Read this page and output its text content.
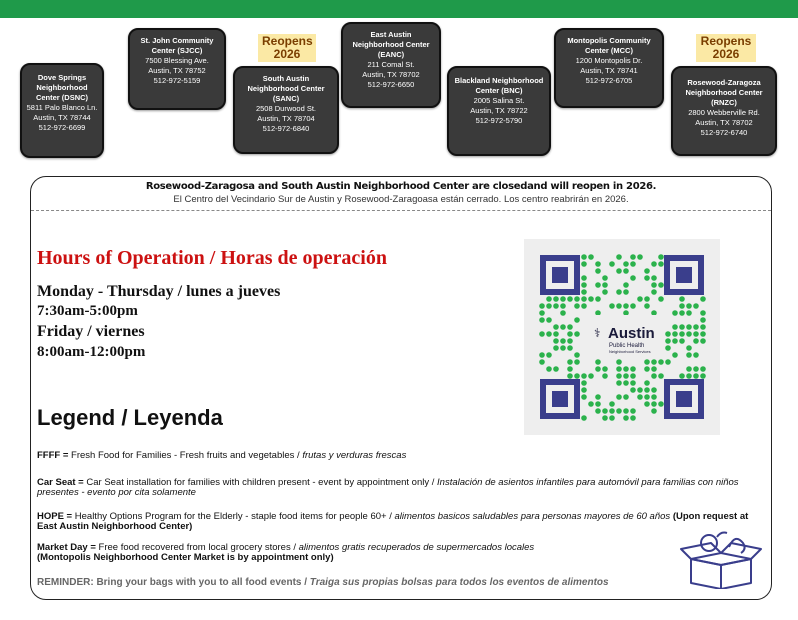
Dove Springs Neighborhood Center (DSNC)
5811 Palo Blanco Ln.
Austin, TX 78744
512-972-6699
St. John Community Center (SJCC)
7500 Blessing Ave.
Austin, TX 78752
512-972-5159
Reopens
2026
South Austin Neighborhood Center (SANC)
2508 Durwood St.
Austin, TX 78704
512-972-6840
East Austin Neighborhood Center (EANC)
211 Comal St.
Austin, TX 78702
512-972-6650	Blackland Neighborhood Center (BNC)
2005 Salina St.
Austin, TX 78722
512-972-5790
Montopolis Community Center (MCC)
1200 Montopolis Dr.
Austin, TX 78741
512-972-6705
Reopens
2026
Rosewood-Zaragoza Neighborhood Center (RNZC)
2800 Webberville Rd.
Austin, TX 78702
512-972-6740
Rosewood-Zaragosa and South Austin Neighborhood Center are closedand will reopen in 2026.
El Centro del Vecindario Sur de Austin y Rosewood-Zaragoasa están cerrado. Los centro reabrirán en 2026.
Hours of Operation / Horas de operación
Monday - Thursday / lunes a jueves
7:30am-5:00pm
Friday / viernes
8:00am-12:00pm
⚕ Austin
Public Health
Neighborhood Services
Legend / Leyenda
FFFF = Fresh Food for Families - Fresh fruits and vegetables / frutas y verduras frescas
Car Seat = Car Seat installation for families with children present - event by appointment only / Instalación de asientos infantiles para automóvil para familias con niños presentes - evento por cita solamente
HOPE = Healthy Options Program for the Elderly - staple food items for people 60+ / alimentos basicos saludables para personas mayores de 60 años (Upon request at East Austin Neighborhood Center)
Market Day = Free food recovered from local grocery stores / alimentos gratis recuperados de supermercados locales
(Montopolis Neighborhood Center Market is by appointment only)
REMINDER: Bring your bags with you to all food events / Traiga sus propias bolsas para todos los eventos de alimentos
